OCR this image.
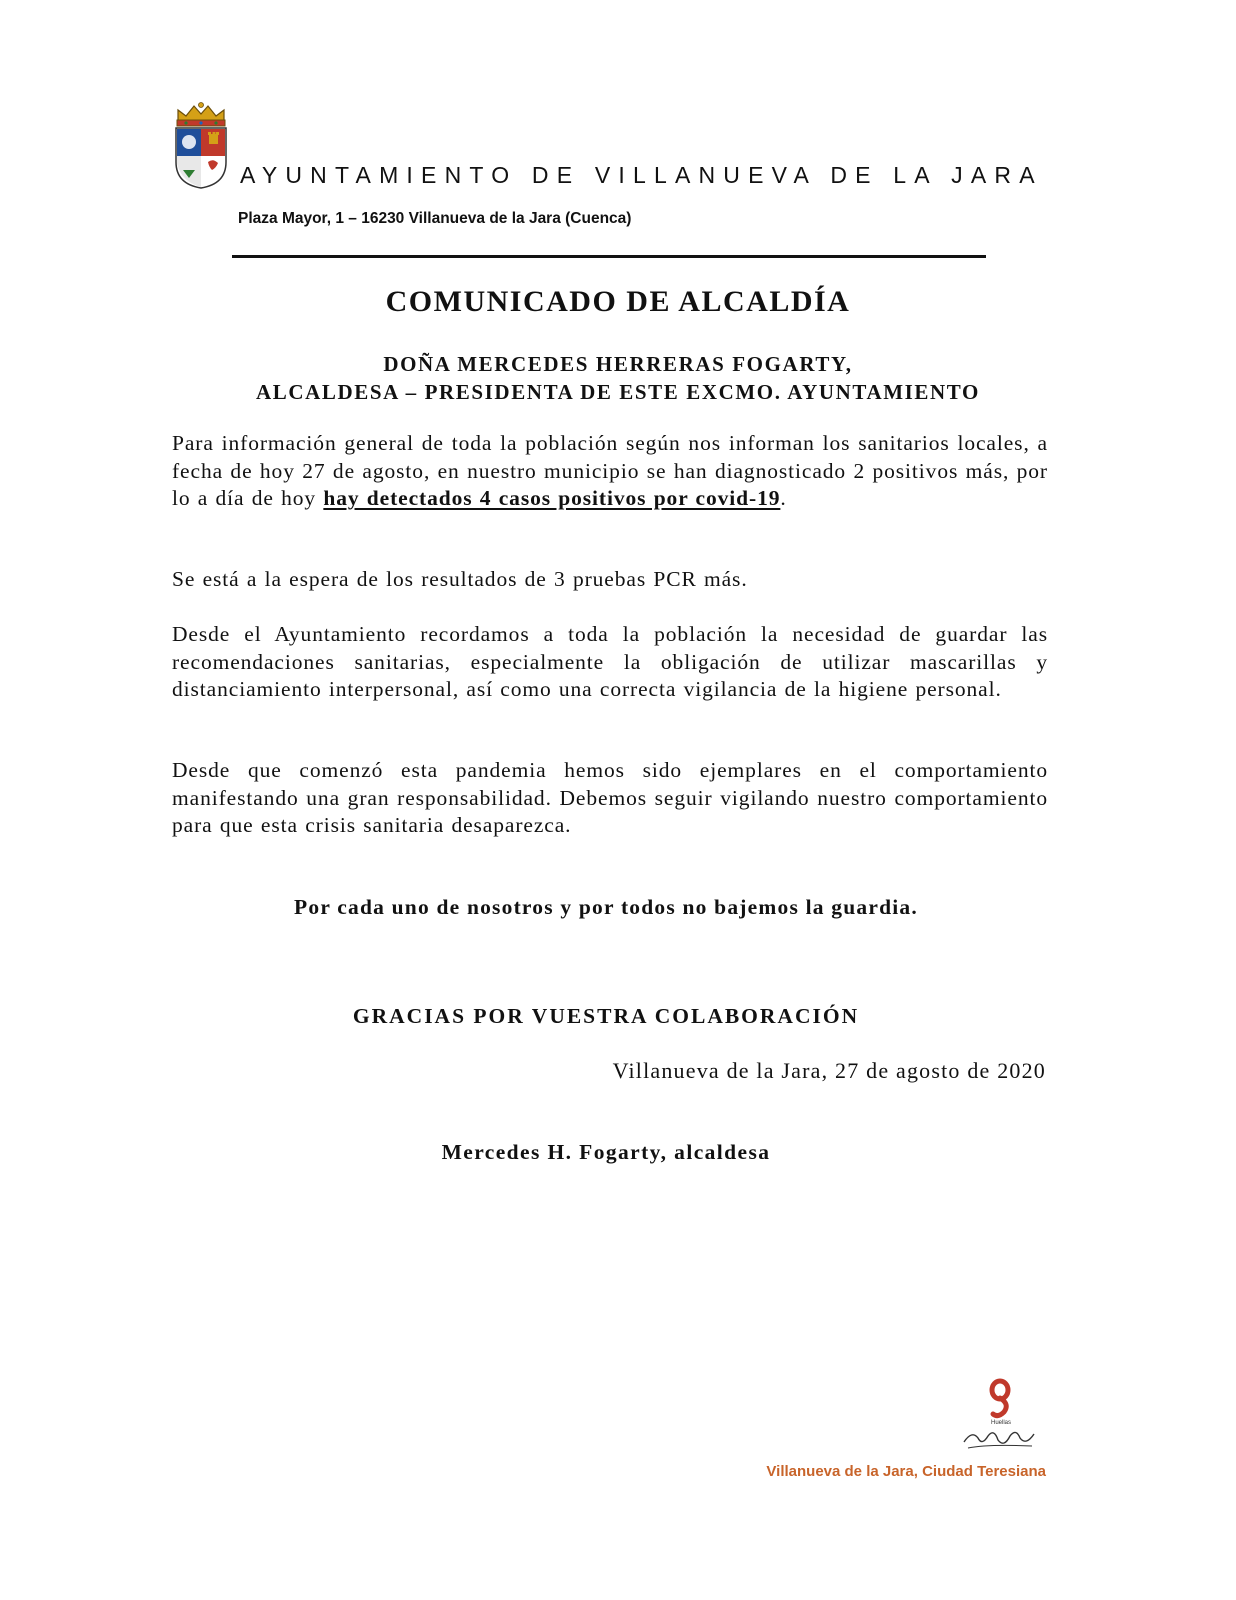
AYUNTAMIENTO DE VILLANUEVA DE LA JARA
Plaza Mayor, 1 – 16230 Villanueva de la Jara (Cuenca)
COMUNICADO DE ALCALDÍA
DOÑA MERCEDES HERRERAS FOGARTY,
ALCALDESA – PRESIDENTA DE ESTE EXCMO. AYUNTAMIENTO

Para información general de toda la población según nos informan los sanitarios locales, a fecha de hoy 27 de agosto, en nuestro municipio se han diagnosticado 2 positivos más, por lo a día de hoy hay detectados 4 casos positivos por covid-19.

Se está a la espera de los resultados de 3 pruebas PCR más.

Desde el Ayuntamiento recordamos a toda la población la necesidad de guardar las recomendaciones sanitarias, especialmente la obligación de utilizar mascarillas y distanciamiento interpersonal, así como una correcta vigilancia de la higiene personal.

Desde que comenzó esta pandemia hemos sido ejemplares en el comportamiento manifestando una gran responsabilidad. Debemos seguir vigilando nuestro comportamiento para que esta crisis sanitaria desaparezca.

Por cada uno de nosotros y por todos no bajemos la guardia.
GRACIAS POR VUESTRA COLABORACIÓN
Villanueva de la Jara, 27 de agosto de 2020
Mercedes H. Fogarty, alcaldesa
Huellas
Villanueva de la Jara, Ciudad Teresiana
